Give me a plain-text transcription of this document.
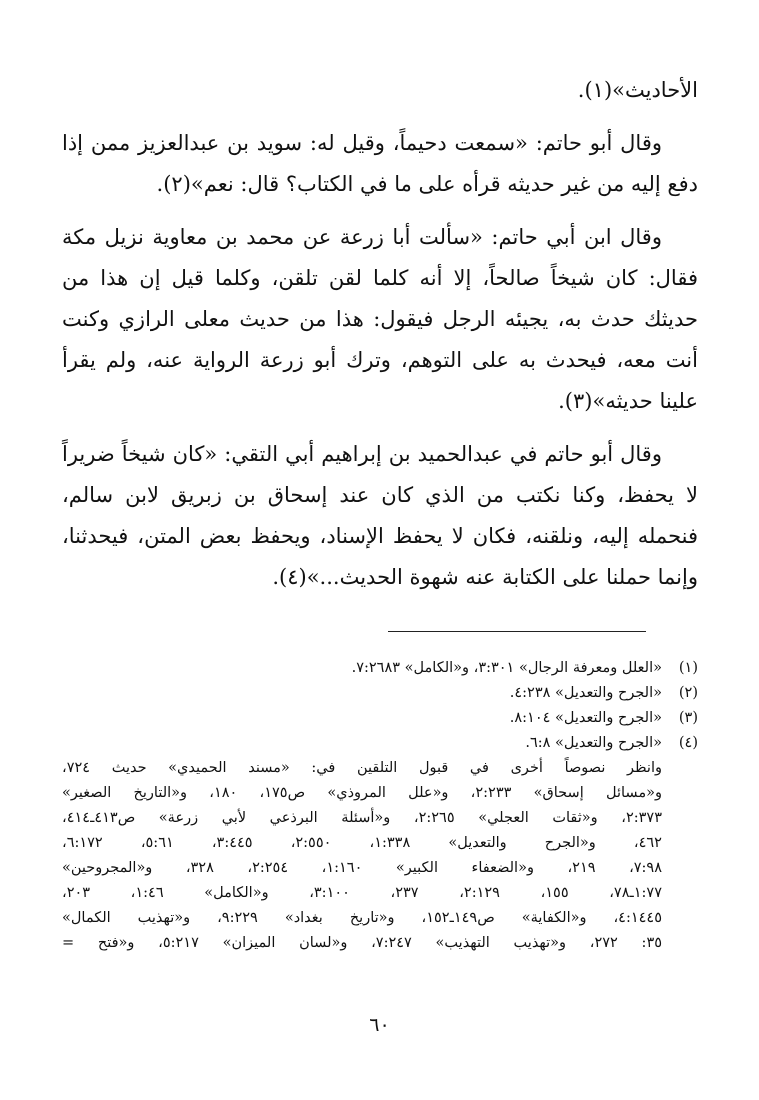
الأحاديث»(١).

وقال أبو حاتم: «سمعت دحيماً، وقيل له: سويد بن عبدالعزيز ممن إذا دفع إليه من غير حديثه قرأه على ما في الكتاب؟ قال: نعم»(٢).

وقال ابن أبي حاتم: «سألت أبا زرعة عن محمد بن معاوية نزيل مكة فقال: كان شيخاً صالحاً، إلا أنه كلما لقن تلقن، وكلما قيل إن هذا من حديثك حدث به، يجيئه الرجل فيقول: هذا من حديث معلى الرازي وكنت أنت معه، فيحدث به على التوهم، وترك أبو زرعة الرواية عنه، ولم يقرأ علينا حديثه»(٣).

وقال أبو حاتم في عبدالحميد بن إبراهيم أبي التقي: «كان شيخاً ضريراً لا يحفظ، وكنا نكتب من الذي كان عند إسحاق بن زبريق لابن سالم، فنحمله إليه، ونلقنه، فكان لا يحفظ الإسناد، ويحفظ بعض المتن، فيحدثنا، وإنما حملنا على الكتابة عنه شهوة الحديث...»(٤).

(١)
«العلل ومعرفة الرجال» ٣:٣٠١، و«الكامل» ٧:٢٦٨٣.
(٢)
«الجرح والتعديل» ٤:٢٣٨.
(٣)
«الجرح والتعديل» ٨:١٠٤.
(٤)
«الجرح والتعديل» ٦:٨.
وانظر نصوصاً أخرى في قبول التلقين في: «مسند الحميدي» حديث ٧٢٤،
و«مسائل إسحاق» ٢:٢٣٣، و«علل المروذي» ص١٧٥، ١٨٠، و«التاريخ الصغير»
٢:٣٧٣، و«ثقات العجلي» ٢:٢٦٥، و«أسئلة البرذعي لأبي زرعة» ص٤١٣ـ٤١٤،
٤٦٢، و«الجرح والتعديل» ١:٣٣٨، ٢:٥٥٠، ٣:٤٤٥، ٥:٦١، ٦:١٧٢،
٧:٩٨، ٢١٩، و«الضعفاء الكبير» ١:١٦٠، ٢:٢٥٤، ٣٢٨، و«المجروحين»
١:٧٧ـ٧٨، ١٥٥، ٢:١٢٩، ٢٣٧، ٣:١٠٠، و«الكامل» ١:٤٦، ٢٠٣،
٤:١٤٤٥، و«الكفاية» ص١٤٩ـ١٥٢، و«تاريخ بغداد» ٩:٢٢٩، و«تهذيب الكمال»
٣٥: ٢٧٢، و«تهذيب التهذيب» ٧:٢٤٧، و«لسان الميزان» ٥:٢١٧، و«فتح =
٦٠
